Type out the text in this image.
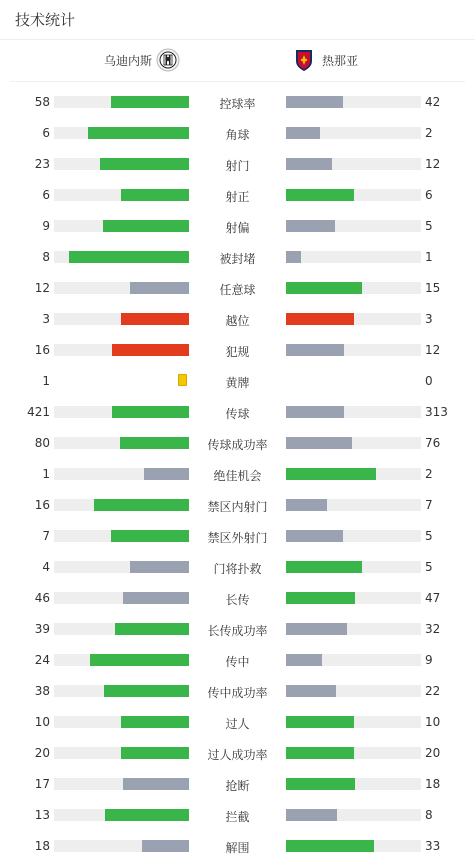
技术统计
乌迪内斯	热那亚
58	控球率	42
6	角球	2
23	射门	12
6	射正	6
9	射偏	5
8	被封堵	1
12	任意球	15
3	越位	3
16	犯规	12
1	黄牌	0
421	传球	313
80	传球成功率	76
1	绝佳机会	2
16	禁区内射门	7
7	禁区外射门	5
4	门将扑救	5
46	长传	47
39	长传成功率	32
24	传中	9
38	传中成功率	22
10	过人	10
20	过人成功率	20
17	抢断	18
13	拦截	8
18	解围	33
